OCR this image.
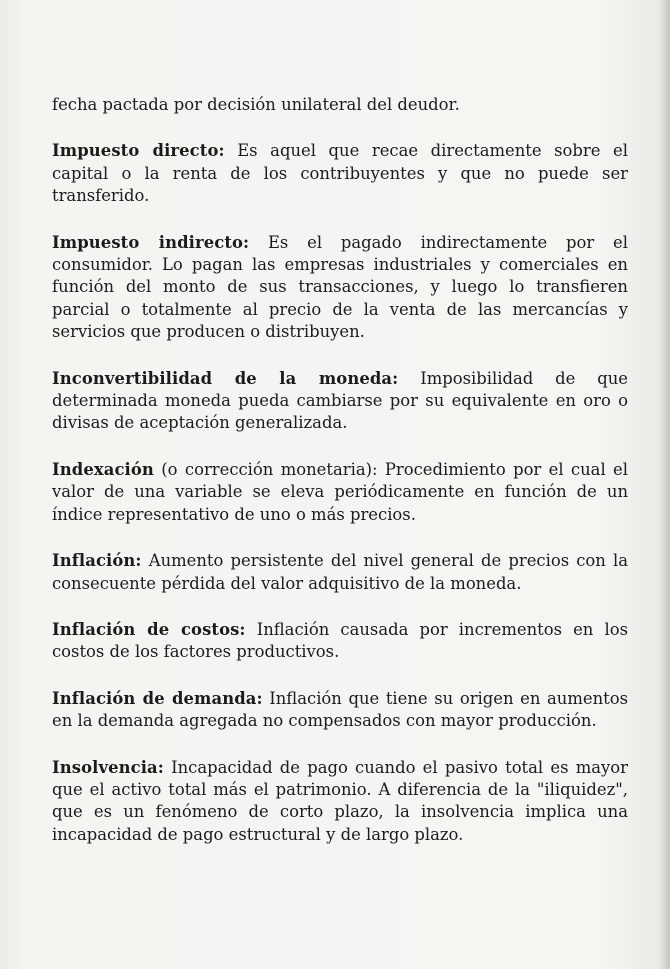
fecha pactada por decisión unilateral del deudor.

Impuesto directo: Es aquel que recae directamente sobre el capital o la renta de los contribuyentes y que no puede ser transferido.

Impuesto indirecto: Es el pagado indirectamente por el consumidor. Lo pagan las empresas industriales y comerciales en función del monto de sus transacciones, y luego lo transfieren parcial o totalmente al precio de la venta de las mercancías y servicios que producen o distribuyen.

Inconvertibilidad de la moneda: Imposibilidad de que determinada moneda pueda cambiarse por su equivalente en oro o divisas de aceptación generalizada.

Indexación (o corrección monetaria): Procedimiento por el cual el valor de una variable se eleva periódicamente en función de un índice representativo de uno o más precios.

Inflación: Aumento persistente del nivel general de precios con la consecuente pérdida del valor adquisitivo de la moneda.

Inflación de costos: Inflación causada por incrementos en los costos de los factores productivos.

Inflación de demanda: Inflación que tiene su origen en aumentos en la demanda agregada no compensados con mayor producción.

Insolvencia: Incapacidad de pago cuando el pasivo total es mayor que el activo total más el patrimonio. A diferencia de la "iliquidez", que es un fenómeno de corto plazo, la insolvencia implica una incapacidad de pago estructural y de largo plazo.
